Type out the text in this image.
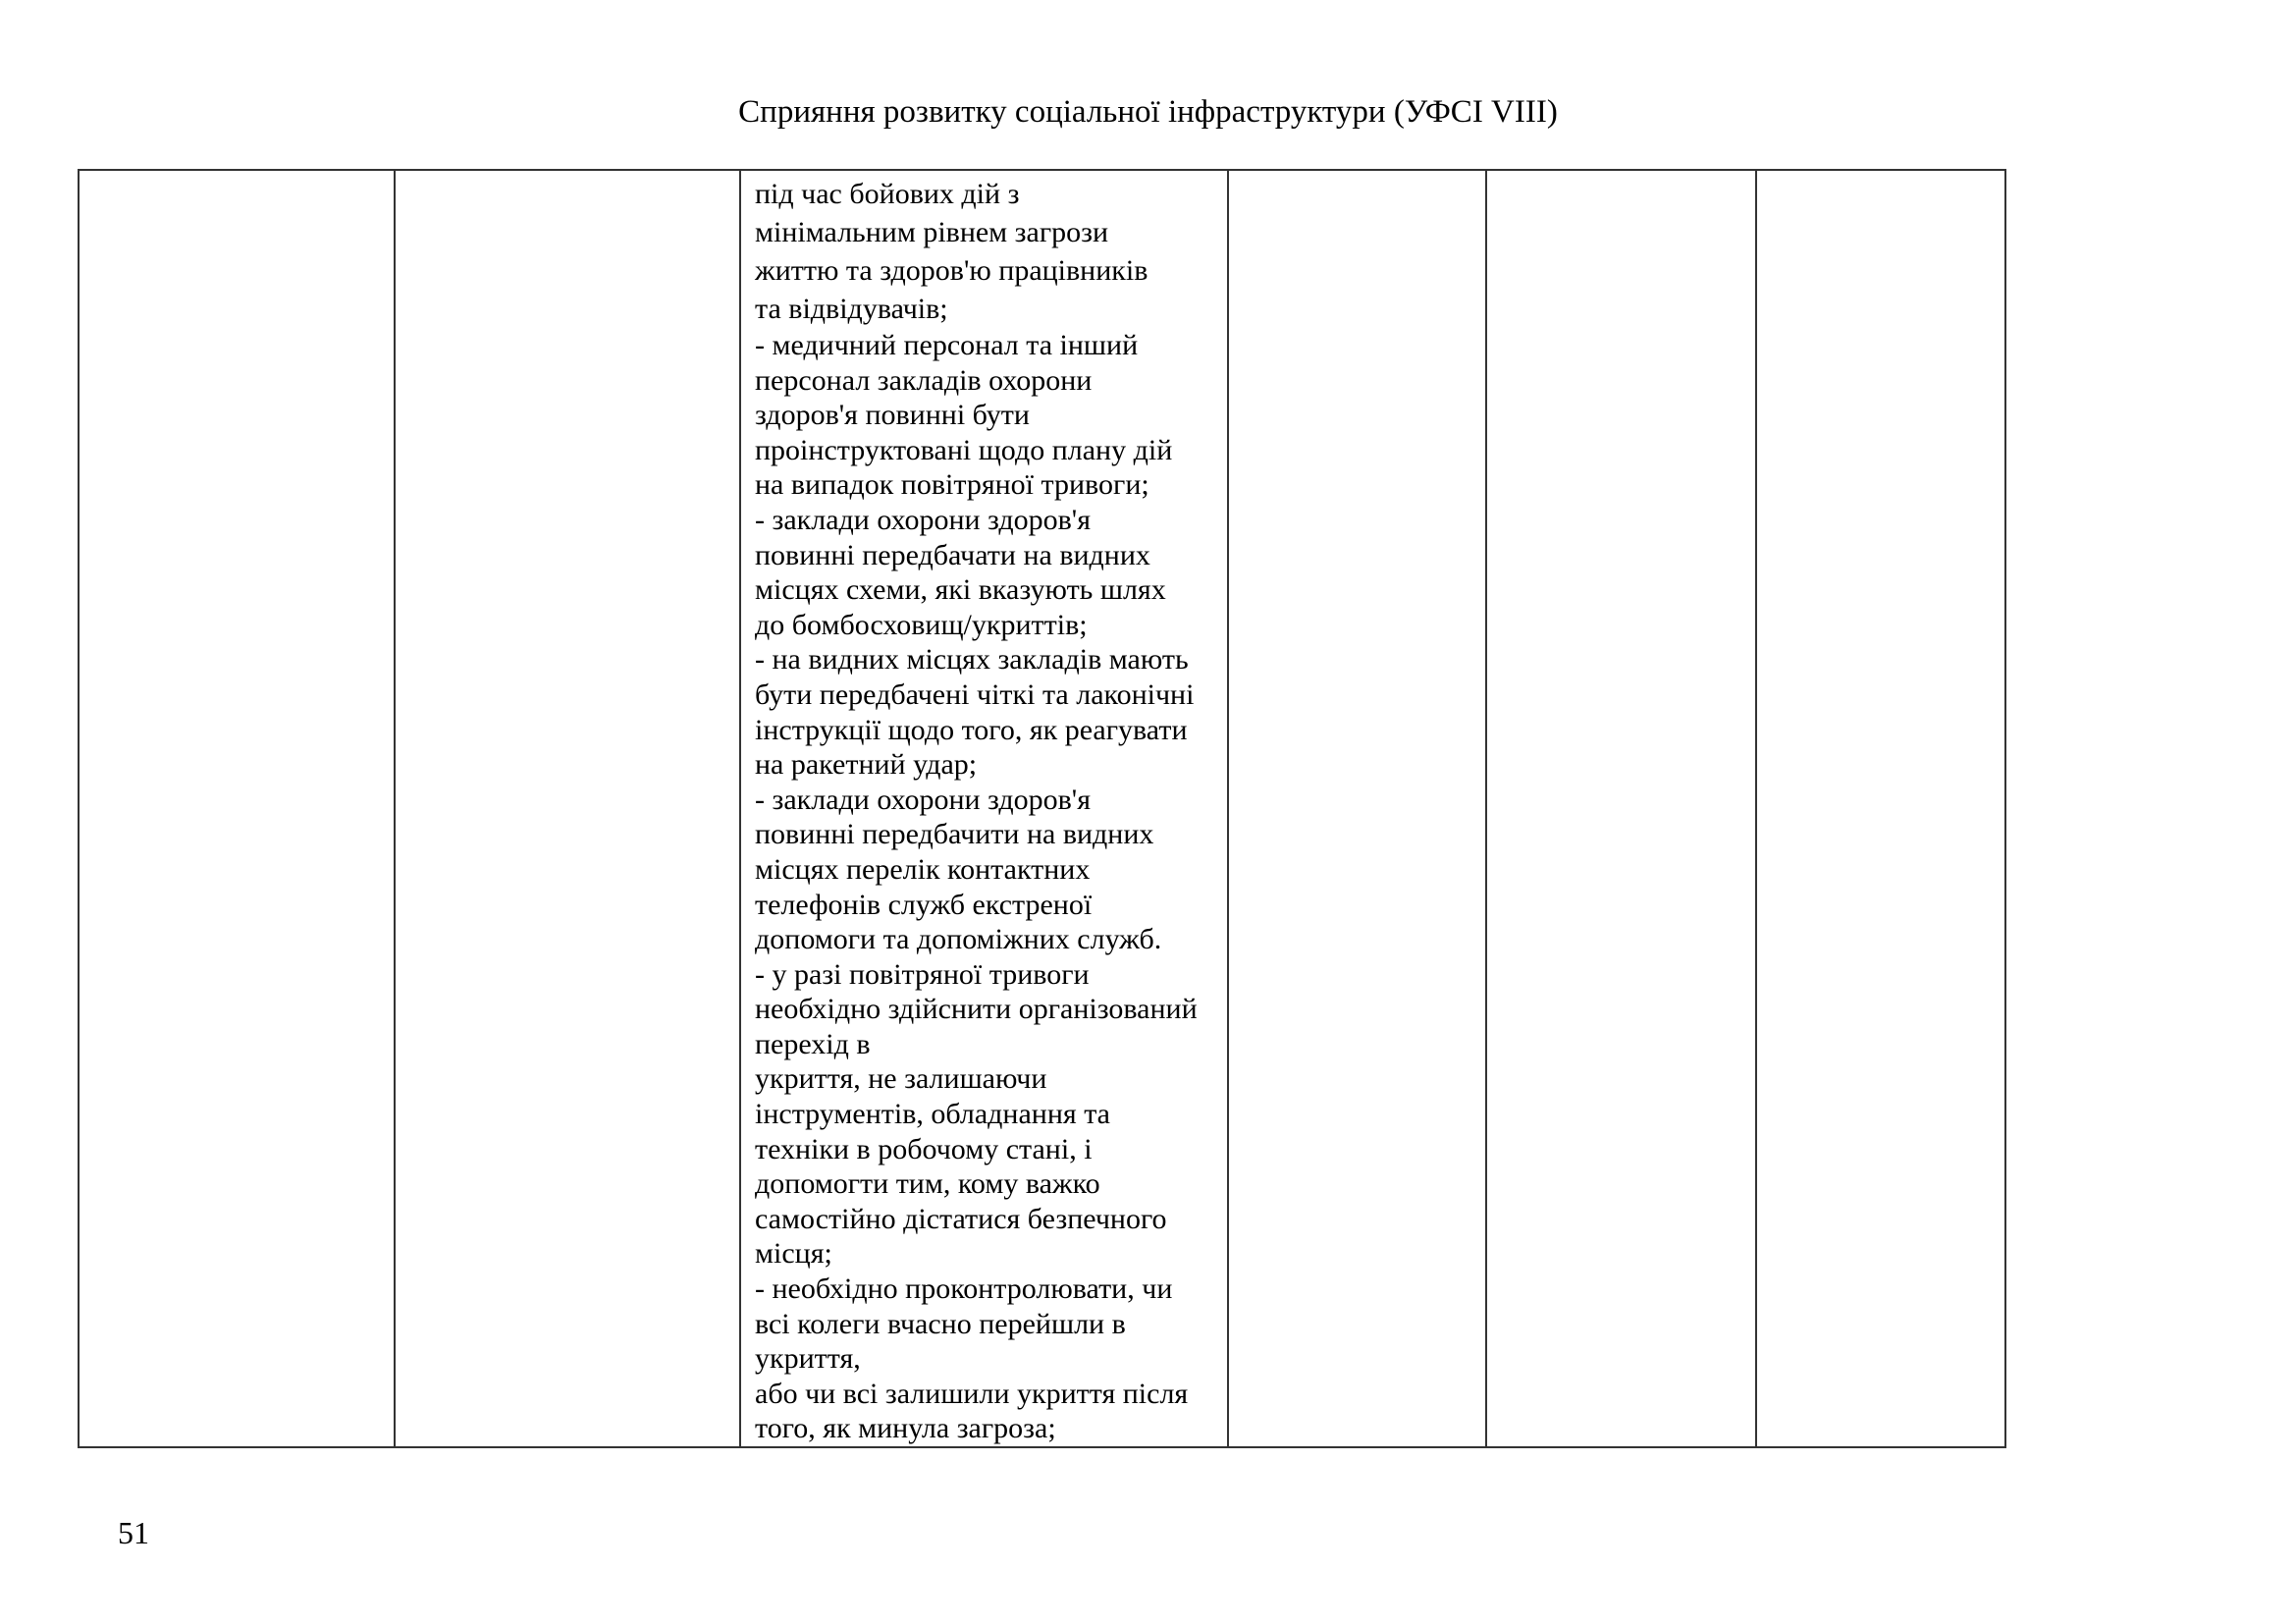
Сприяння розвитку соціальної інфраструктури (УФСІ VIII)

під час бойових дій з
мінімальним рівнем загрози
життю та здоров'ю працівників
та відвідувачів;
- медичний персонал та інший
персонал закладів охорони
здоров'я повинні бути
проінструктовані щодо плану дій
на випадок повітряної тривоги;
- заклади охорони здоров'я
повинні передбачати на видних
місцях схеми, які вказують шлях
до бомбосховищ/укриттів;
- на видних місцях закладів мають
бути передбачені чіткі та лаконічні
інструкції щодо того, як реагувати
на ракетний удар;
- заклади охорони здоров'я
повинні передбачити на видних
місцях перелік контактних
телефонів служб екстреної
допомоги та допоміжних служб.
- у разі повітряної тривоги
необхідно здійснити організований
перехід в
укриття, не залишаючи
інструментів, обладнання та
техніки в робочому стані, і
допомогти тим, кому важко
самостійно дістатися безпечного
місця;
- необхідно проконтролювати, чи
всі колеги вчасно перейшли в
укриття,
або чи всі залишили укриття після
того, як минула загроза;

51
